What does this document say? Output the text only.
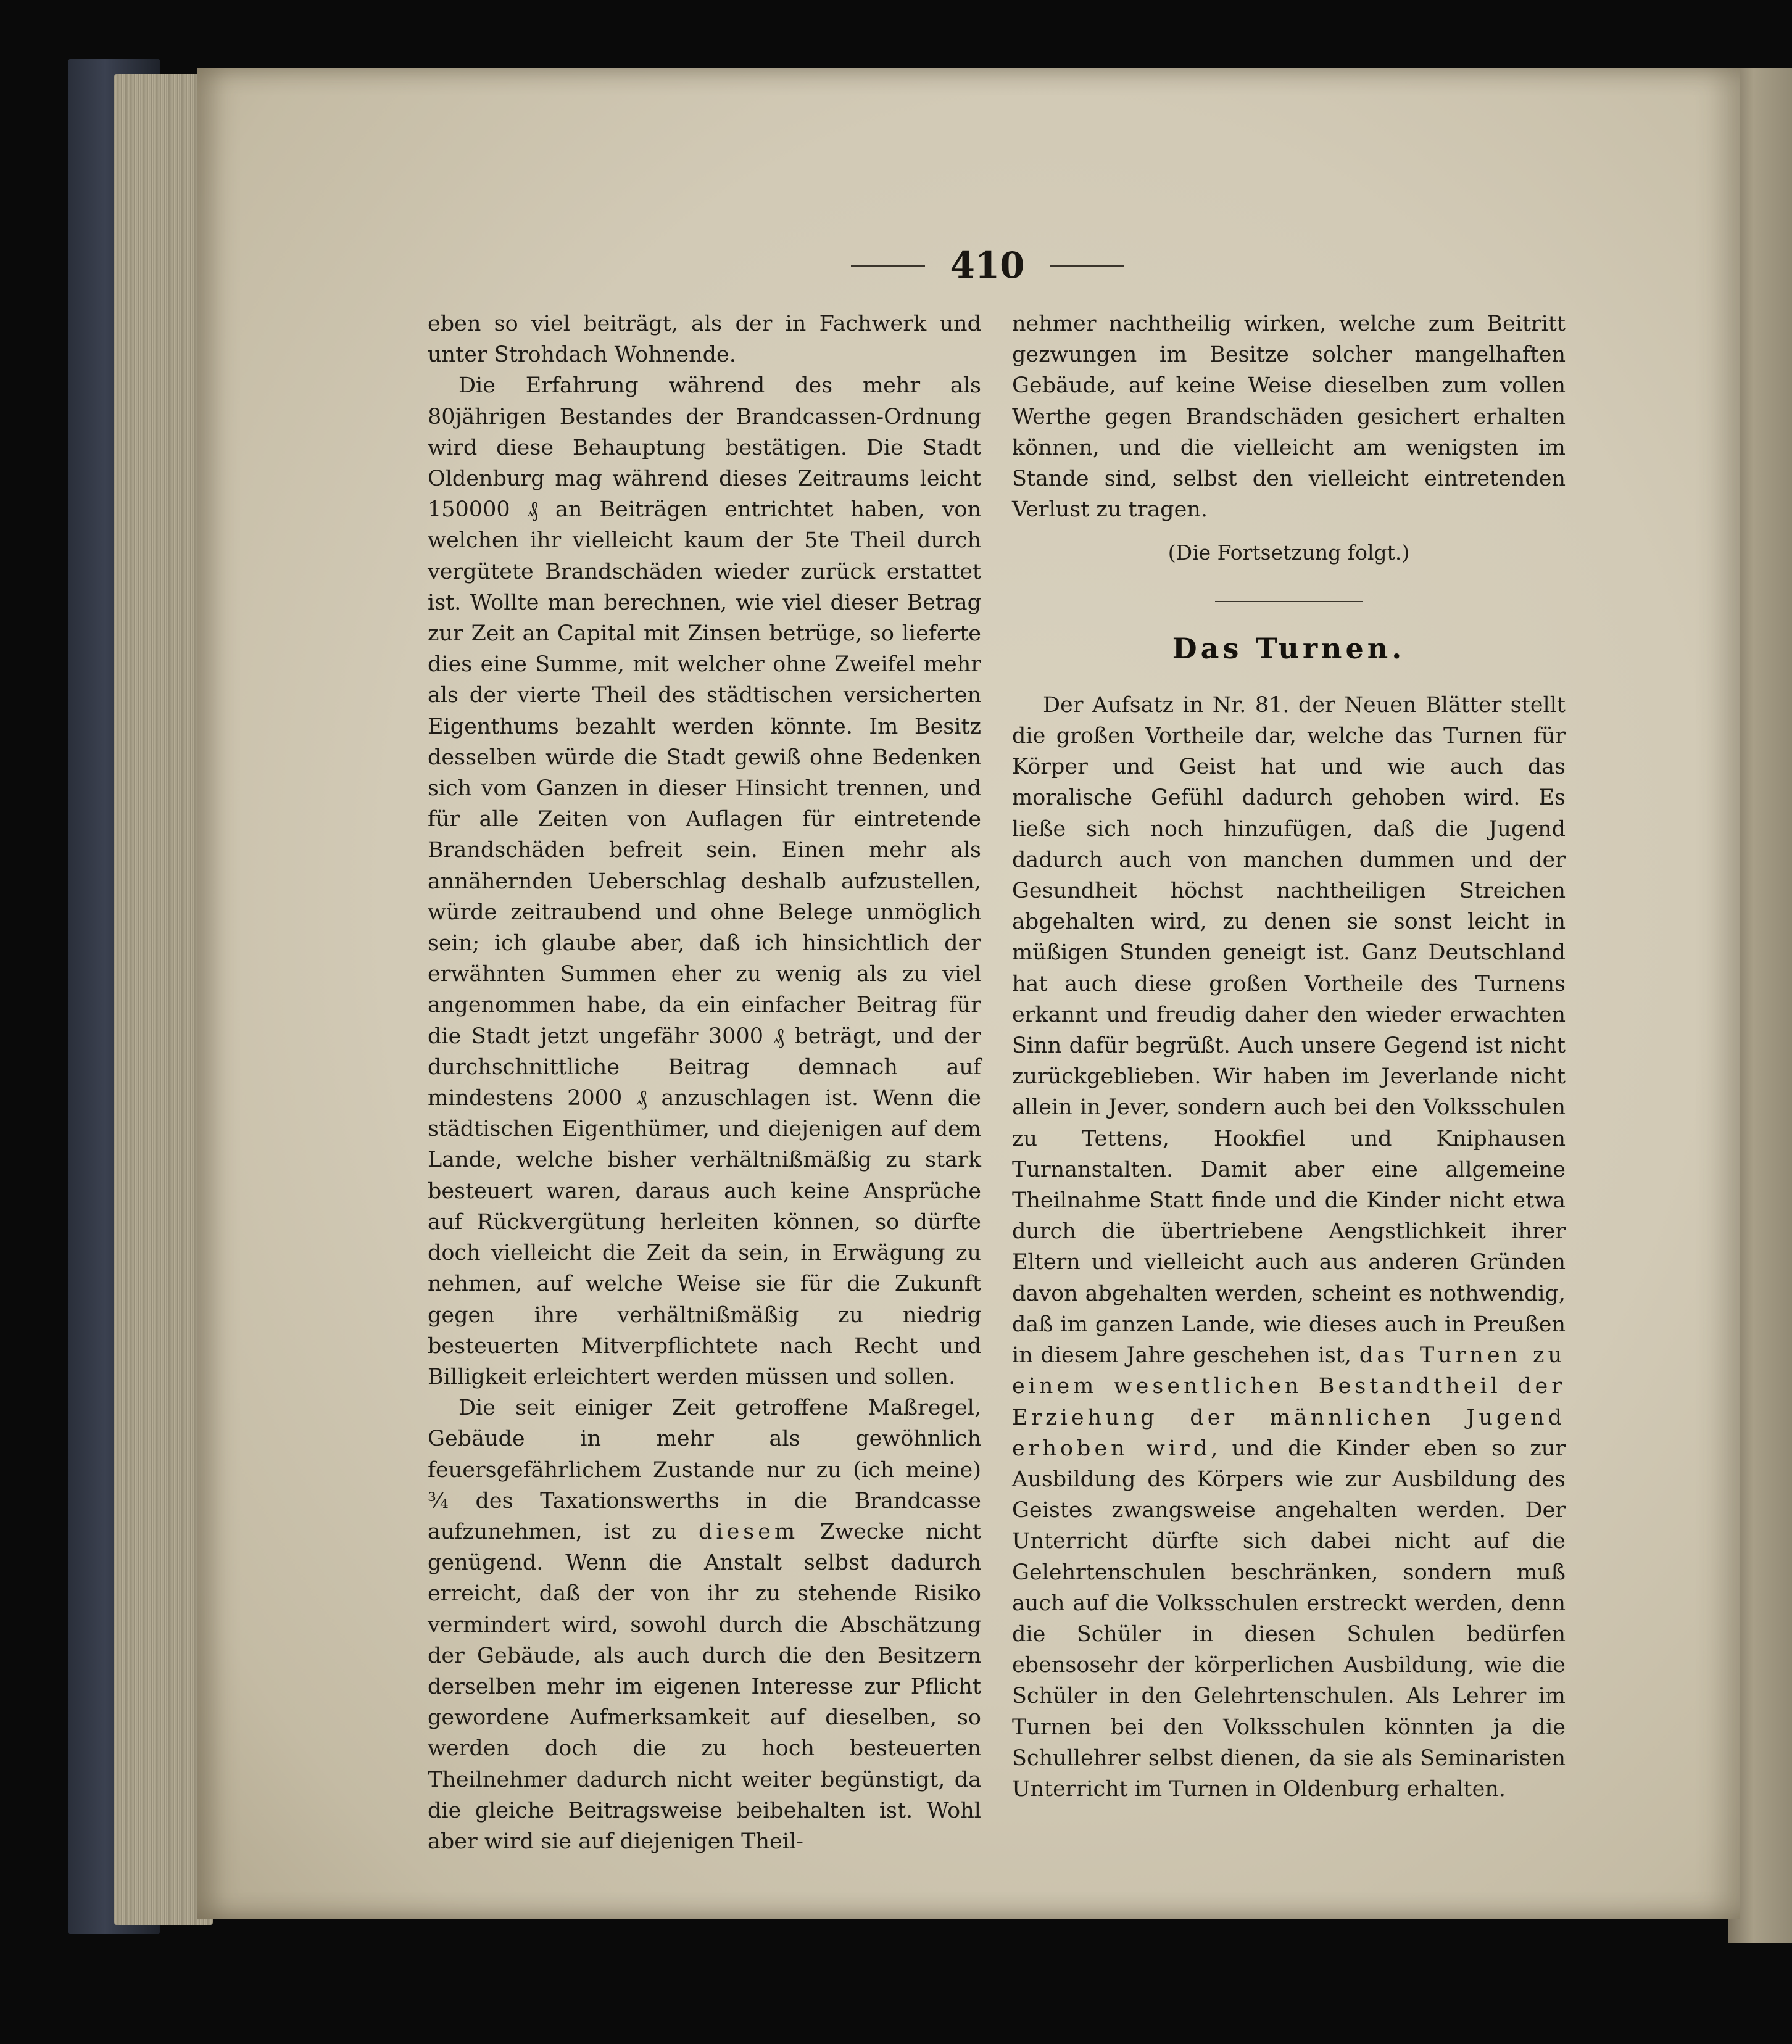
410

eben so viel beiträgt, als der in Fachwerk und unter Strohdach Wohnende.

Die Erfahrung während des mehr als 80jährigen Bestandes der Brandcassen-Ordnung wird diese Behauptung bestätigen. Die Stadt Oldenburg mag während dieses Zeitraums leicht 150000 ₰ an Beiträgen entrichtet haben, von welchen ihr vielleicht kaum der 5te Theil durch vergütete Brandschäden wieder zurück erstattet ist. Wollte man berechnen, wie viel dieser Betrag zur Zeit an Capital mit Zinsen betrüge, so lieferte dies eine Summe, mit welcher ohne Zweifel mehr als der vierte Theil des städtischen versicherten Eigenthums bezahlt werden könnte. Im Besitz desselben würde die Stadt gewiß ohne Bedenken sich vom Ganzen in dieser Hinsicht trennen, und für alle Zeiten von Auflagen für eintretende Brandschäden befreit sein. Einen mehr als annähernden Ueberschlag deshalb aufzustellen, würde zeitraubend und ohne Belege unmöglich sein; ich glaube aber, daß ich hinsichtlich der erwähnten Summen eher zu wenig als zu viel angenommen habe, da ein einfacher Beitrag für die Stadt jetzt ungefähr 3000 ₰ beträgt, und der durchschnittliche Beitrag demnach auf mindestens 2000 ₰ anzuschlagen ist. Wenn die städtischen Eigenthümer, und diejenigen auf dem Lande, welche bisher verhältnißmäßig zu stark besteuert waren, daraus auch keine Ansprüche auf Rückvergütung herleiten können, so dürfte doch vielleicht die Zeit da sein, in Erwägung zu nehmen, auf welche Weise sie für die Zukunft gegen ihre verhältnißmäßig zu niedrig besteuerten Mitverpflichtete nach Recht und Billigkeit erleichtert werden müssen und sollen.

Die seit einiger Zeit getroffene Maßregel, Gebäude in mehr als gewöhnlich feuersgefährlichem Zustande nur zu (ich meine) ¾ des Taxationswerths in die Brandcasse aufzunehmen, ist zu diesem Zwecke nicht genügend. Wenn die Anstalt selbst dadurch erreicht, daß der von ihr zu stehende Risiko vermindert wird, sowohl durch die Abschätzung der Gebäude, als auch durch die den Besitzern derselben mehr im eigenen Interesse zur Pflicht gewordene Aufmerksamkeit auf dieselben, so werden doch die zu hoch besteuerten Theilnehmer dadurch nicht weiter begünstigt, da die gleiche Beitragsweise beibehalten ist. Wohl aber wird sie auf diejenigen Theil-

nehmer nachtheilig wirken, welche zum Beitritt gezwungen im Besitze solcher mangelhaften Gebäude, auf keine Weise dieselben zum vollen Werthe gegen Brandschäden gesichert erhalten können, und die vielleicht am wenigsten im Stande sind, selbst den vielleicht eintretenden Verlust zu tragen.

(Die Fortsetzung folgt.)

Das Turnen.

Der Aufsatz in Nr. 81. der Neuen Blätter stellt die großen Vortheile dar, welche das Turnen für Körper und Geist hat und wie auch das moralische Gefühl dadurch gehoben wird. Es ließe sich noch hinzufügen, daß die Jugend dadurch auch von manchen dummen und der Gesundheit höchst nachtheiligen Streichen abgehalten wird, zu denen sie sonst leicht in müßigen Stunden geneigt ist. Ganz Deutschland hat auch diese großen Vortheile des Turnens erkannt und freudig daher den wieder erwachten Sinn dafür begrüßt. Auch unsere Gegend ist nicht zurückgeblieben. Wir haben im Jeverlande nicht allein in Jever, sondern auch bei den Volksschulen zu Tettens, Hookfiel und Kniphausen Turnanstalten. Damit aber eine allgemeine Theilnahme Statt finde und die Kinder nicht etwa durch die übertriebene Aengstlichkeit ihrer Eltern und vielleicht auch aus anderen Gründen davon abgehalten werden, scheint es nothwendig, daß im ganzen Lande, wie dieses auch in Preußen in diesem Jahre geschehen ist, das Turnen zu einem wesentlichen Bestandtheil der Erziehung der männlichen Jugend erhoben wird, und die Kinder eben so zur Ausbildung des Körpers wie zur Ausbildung des Geistes zwangsweise angehalten werden. Der Unterricht dürfte sich dabei nicht auf die Gelehrtenschulen beschränken, sondern muß auch auf die Volksschulen erstreckt werden, denn die Schüler in diesen Schulen bedürfen ebensosehr der körperlichen Ausbildung, wie die Schüler in den Gelehrtenschulen. Als Lehrer im Turnen bei den Volksschulen könnten ja die Schullehrer selbst dienen, da sie als Seminaristen Unterricht im Turnen in Oldenburg erhalten.
